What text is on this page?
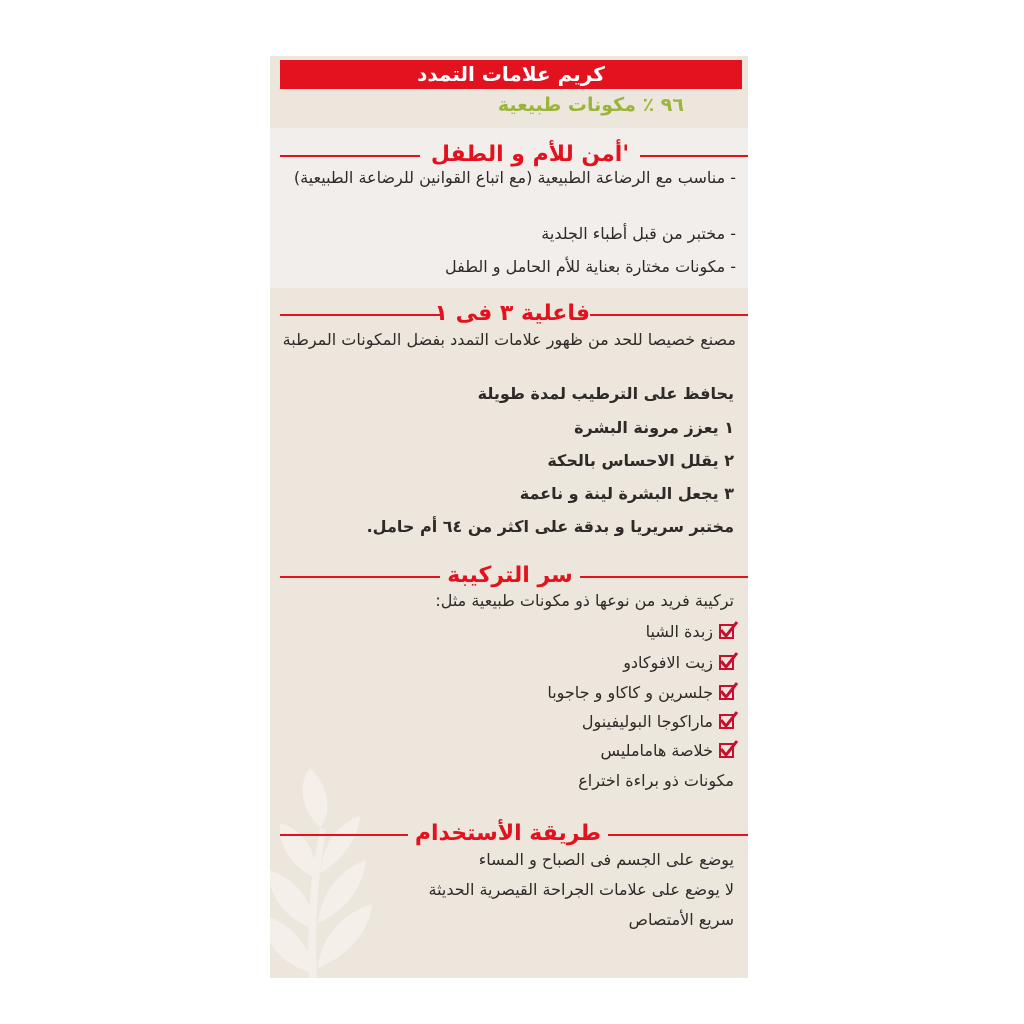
كريم علامات التمدد
٩٦ ٪ مكونات طبيعية
'أمن للأم و الطفل
- مناسب مع الرضاعة الطبيعية (مع اتباع القوانين للرضاعة الطبيعية)
- مختبر من قبل أطباء الجلدية
- مكونات مختارة بعناية للأم الحامل و الطفل
فاعلية ٣ فى ١
مصنع خصيصا للحد من ظهور علامات التمدد بفضل المكونات المرطبة
يحافظ على الترطيب لمدة طويلة
١ يعزز مرونة البشرة
٢ يقلل الاحساس بالحكة
٣ يجعل البشرة لينة و ناعمة
مختبر سريريا و بدقة على اكثر من ٦٤ أم حامل.
سر التركيبة
تركيبة فريد من نوعها ذو مكونات طبيعية مثل:
زبدة الشيا
زيت الافوكادو
جلسرين و كاكاو و جاجوبا
ماراكوجا البوليفينول
خلاصة هامامليس
مكونات ذو براءة اختراع
طريقة الأستخدام
يوضع على الجسم فى الصباح و المساء
لا يوضع على علامات الجراحة القيصرية الحديثة
سريع الأمتصاص
